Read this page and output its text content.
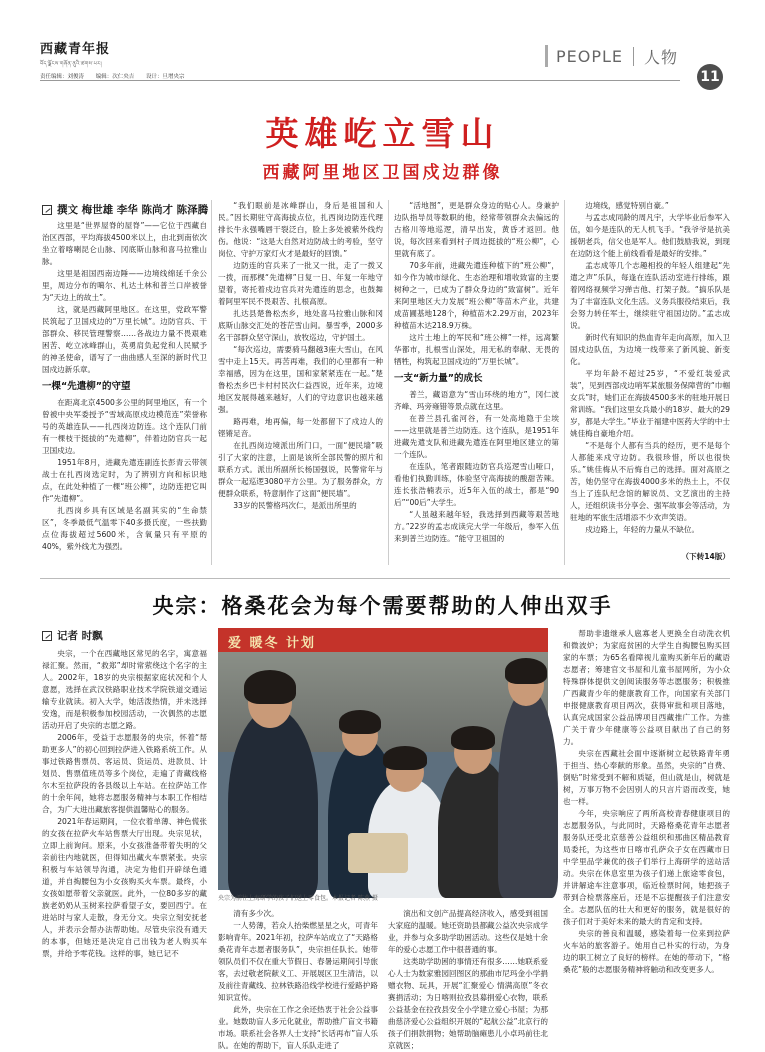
西藏青年报
བོད་ལྗོངས་གཞོན་ནུའི་ཚགས་པར།
责任编辑：刘俊涛 编辑：次仁央吉 设计：旦增央宗
PEOPLE	人物
11
英雄屹立雪山
西藏阿里地区卫国戍边群像
撰文 梅世雄 李华 陈尚才 陈泽腾

这里是“世界屋脊的屋脊”——它位于西藏自治区西部，平均海拔4500米以上，由北到南依次坐立着喀喇昆仑山脉、冈底斯山脉和喜马拉雅山脉。

这里是祖国西南边陲——边境线绵延千余公里，周边分布的噶尔、札达土林和普兰口岸被誉为“天边上的故土”。

这，就是西藏阿里地区。在这里，党政军警民筑起了卫国戍边的“万里长城”。边防官兵、干部群众、移民管理警察……各战边力量不畏艰难困苦、屹立冰峰群山，英勇肩负起党和人民赋予的神圣使命，谱写了一曲曲感人至深的新时代卫国戍边新乐章。

一棵“先遣柳”的守望

在距离北京4500多公里的阿里地区，有一个曾被中央军委授予“雪域高原戍边模范连”荣誉称号的英雄连队——扎西岗边防连。这个连队门前有一棵枝干挺拔的“先遣柳”，伴着边防官兵一起卫国戍边。

1951年8月，进藏先遣连副连长彭青云带领战士在扎西岗选定时，为了辨别方向和标识地点，在此处种植了一棵“班公柳”，边防连把它叫作“先遣柳”。

扎西岗乡具有区域是名副其实的“生命禁区”，冬季最低气温零下40多摄氏度，一些扶勤点位海拔超过5600米，含氧量只有平原的40%，紫外线尤为强烈。

“我们眼前是冰峰群山，身后是祖国和人民。”因长期驻守高海拔点位，扎西岗边防连代理排长牛永强嘴唇干裂泛白，脸上多处被紫外线灼伤。他说：“这是大自然对边防战士的考验，坚守岗位、守护万家灯火才是最好的回馈。”

边防连的官兵来了一批又一批，走了一拨又一拨，而那棵“先遣柳”日复一日、年复一年地守望着，寄托着戍边官兵对先遣连的思念，也鼓舞着阿里军民不畏艰苦、扎根高原。

扎达县楚鲁松杰乡，地处喜马拉雅山脉和冈底斯山脉交汇处的苍茫雪山间。暴雪季，2000多名干部群众坚守深山，放牧巡边，守护国土。

“每次巡边，需要骑马翻越3座大雪山，在风雪中走上15天。再苦再难，我们的心里都有一种幸福感，因为在这里，国和家紧紧连在一起。”楚鲁松杰乡巴卡村村民次仁益西说，近年来，边境地区发展得越来越好，人们的守边意识也越来越强。

路再难，地再偏，每一处都留下了戍边人的铿锵足音。

在扎西岗边境派出所门口，一面“便民墙”吸引了大家的注意，上面是该所全部民警的照片和联系方式。派出所副所长杨国强说，民警常年与群众一起巡逻3080平方公里。为了服务群众，方便群众联系，特意制作了这面“便民墙”。

33岁的民警格玛次仁，是派出所里的

“活地图”，更是群众身边的贴心人。身兼护边队指导员等数职的他，经常带领群众去偏远的古格川等地巡逻，清早出发，黄昏才返回。他说，每次回来看到村子周边挺拔的“班公柳”，心里就有底了。

70多年前，进藏先遣连种植下的“班公柳”，如今作为城市绿化、生态治理和增收致富的主要树种之一，已成为了群众身边的“致富树”。近年来阿里地区大力发展“班公柳”等苗木产业，共建成苗圃基地128个，种植苗木2.29万亩，2023年种植苗木达218.9万株。

这片土地上的军民和“班公柳”一样，远离繁华都市，扎根雪山深处，用无私的奉献、无畏的牺牲，构筑起卫国戍边的“万里长城”。

一支“新力量”的成长

普兰，藏语意为“雪山环绕的地方”，冈仁波齐峰、玛旁雍错等景点就在这里。

在普兰县孔雀河谷，有一处高地隐于尘埃——这里就是普兰边防连。这个连队，是1951年进藏先遣支队和进藏先遣连在阿里地区建立的第一个连队。

在连队，笔者跟随边防官兵巡逻雪山哑口，看他们执勤训练，体验坚守高海拔的酸甜苦辣。连长张浩楠表示，近5年入伍的战士，都是“90后”“00后”大学生。

“人虽越来越年轻，我选择到西藏等艰苦地方。”22岁的孟志成读完大学一年级后，参军入伍来到普兰边防连。“能守卫祖国的

边境线，感觉特别自豪。”

与孟志成同龄的周凡宇，大学毕业后参军入伍，如今是连队的无人机飞手。“我爷爷是抗美援朝老兵，信父也是军人。他们鼓励我说，到现在边防这个能上前线看看是最好的安排。”

孟志成等几个志趣相投的年轻人组建起“先遣之声”乐队，每逢在连队活动室进行排练，跟着网络视频学习弹吉他、打架子鼓。“搞乐队是为了丰富连队文化生活。义务兵服役结束后，我会努力转任军士，继续驻守祖国边防。”孟志成说。

新时代有知识的热血青年走向高原，加入卫国戍边队伍，为边境一线带来了新风貌、新变化。

平均年龄不超过25岁，“不爱红装爱武装”，见到西部戍边哨军某旅服务保障营的“巾帼女兵”时，她们正在海拔4500多米的驻地开展日常训练。“我们这里女兵最小的18岁、最大的29岁，都是大学生。”毕业于福建中医药大学的中士姚佳梅自豪地介绍。

“不是每个人都有当兵的经历，更不是每个人都能来戍守边防。我很珍惜，所以也很快乐。”姚佳梅从不后悔自己的选择。面对高原之苦，她仍坚守在海拔4000多米的热土上，不仅当上了连队纪念馆的解说员、文艺演出的主持人，还组织读书分享会、强军故事会等活动，为驻地的军旅生活增添不少欢声笑语。

戍边路上，年轻的力量从不缺位。

（下转14版）
央宗：格桑花会为每个需要帮助的人伸出双手
记者 时飘

央宗，一个在西藏地区常见的名字，寓意福禄汇聚。然而，“救郑”却时常萦绕这个名字的主人。2002年，18岁的央宗根据家庭状况和个人意愿，选择在武汉铁路职业技术学院铁道交通运输专业就读。初入大学，她活泼热情，并未选择安逸，而是积极参加校园活动，一次偶然的志愿活动开启了央宗的志愿之路。

2006年，受益于志愿服务的央宗，怀着“帮助更多人”的初心回到拉萨进入铁路系统工作。从事过铁路售票员、客运员、货运员、进款员、计划员、售票值班员等多个岗位，走遍了青藏线格尔木至拉萨段的各县级以上车站。在拉萨站工作的十余年间，她将志愿服务精神与本职工作相结合，为广大进出藏旅客提供温馨贴心的服务。

2021年春运期间，一位衣着单薄、神色慌张的女孩在拉萨火车站售票大厅出现。央宗见状，立即上前询问。原来，小女孩准备带着失明的父亲前往内地就医，但得知出藏火车票紧张。央宗积极与车站领导沟通，决定为他们开辟绿色通道，并自掏腰包为小女孩购买火车票。最终，小女孩如愿带着父亲就医。此外，一位80多岁的藏族老奶奶从玉树来拉萨看望子女，要回西宁。在进站时与家人走散，身无分文。央宗立刻安抚老人，并表示会帮办法帮助她。尽管央宗没有通天的本事，但她还是决定自己出钱为老人购买车票，并给予零花钱。这样的事，她已记不

爱 暖冬 计划
央宗为前往上海研学的孩子们送上零食包。本报记者 陈燕 摄

清有多少次。

一人势薄，若众人抬柴燃星星之火，可青年影响青年。2021年初，拉萨车站成立了“天路格桑花青年志愿者服务队”，央宗担任队长。她带领队员们不仅在重大节假日、春暑运期间引导旅客，去过敬老院献义工、开展展区卫生清洁，以及前往青藏线、拉林铁路沿线学校进行爱路护路知识宣传。

此外，央宗在工作之余还热衷于社会公益事业。她数助盲人多元化就业，帮助推广盲文书籍市场。联系社会各界人士支持“长话再布”盲人乐队。在她的帮助下，盲人乐队走进了

演出和文创产品提高经济收入，感受到祖国大家庭的温暖。她还资助县都藏公益次央宗成学业，并参与众多助学助困活动。这些仅是她十余年的爱心志愿工作中很普通的事。

这类助学助困的事情还有很多……她联系爱心人士为数家雅园回图区的那曲市尼玛金小学捐赠衣物、玩具，开展“汇聚爱心 情满高原”冬衣赛捐活动；为日喀则拉孜县募捐爱心衣物，联系公益基金在拉孜县安全小学建立爱心书屋；为那曲慈济爱心公益组织开展的“起航公益”北京行的孩子们捐款捐物；她帮助脑瘫患儿小卓玛前往北京就医；

帮助非遗继承人扈寡老人更换全自动洗衣机和微波炉；为家庭贫困的大学生自掏腰包购买回家的车票；为65名看障视儿童购买新年后的藏语志愿者；筹建官文书屋和儿童书屋网所，为小众特殊群体提供文创阅读服务等志愿服务；积极推广西藏青少年的健康教育工作，向国家有关部门申报健康教育项目两次，获得审批和项目落地，认真完成国家公益品牌项目西藏推广工作。为推广关于青少年健康等公益项目献出了自己的努力。

央宗在西藏社会面中逐渐树立起铁路青年勇于担当、热心奉献的形象。虽然，央宗的“自费、倒贴”时常受到不解和质疑，但山就是山，树就是树，万事万物不会因别人的只言片语而改变，她也一样。

今年，央宗响应了两所高校青春健康项目的志愿服务队，与此同时，天路格桑花青年志愿者服务队还受北京慈善公益组织和那曲区精品教育局委托，为这些市日喀市孔萨众子女在西藏市日中学里品学兼优的孩子们举行上海研学的送站活动。央宗在休息室里为孩子们递上旅途零食包，并讲解途车注意事项，临近检票时间，她把孩子带到合检票落座后，还是不忘提醒孩子们注意安全。志愿队伍的壮大和更好的服务，就是很好的孩子们对于美好未来的最大的肯定和支持。

央宗的善良和温暖，感染着每一位来到拉萨火车站的旅客游子。她用自己朴实的行动，为身边的职工树立了良好的榜样。在她的带动下，“格桑花”般的志愿服务精神将触动和改变更多人。
